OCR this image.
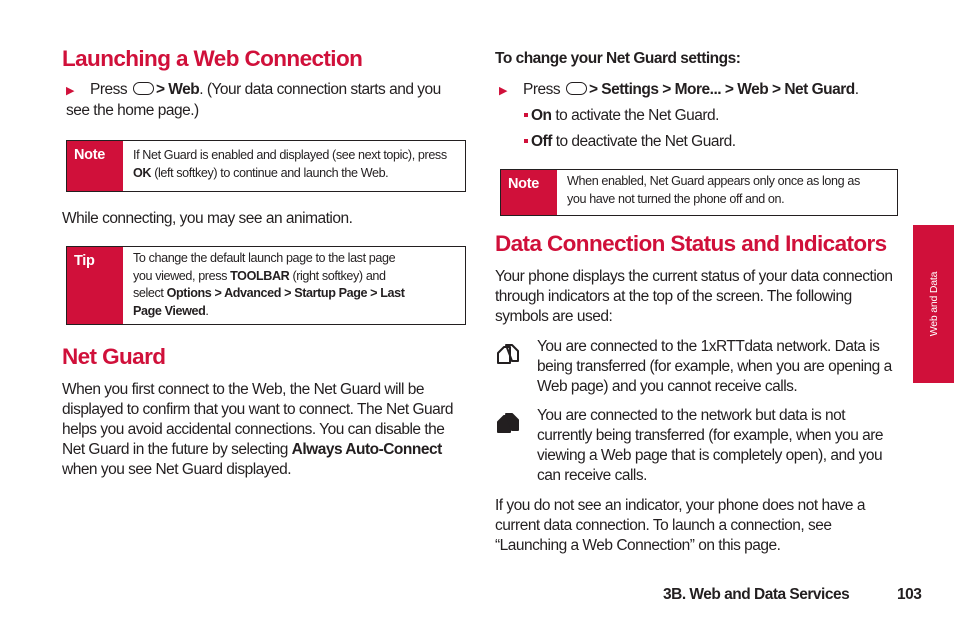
Launching a Web Connection
▶ Press > Web. (Your data connection starts and you see the home page.)
Note	If Net Guard is enabled and displayed (see next topic), press OK (left softkey) to continue and launch the Web.
While connecting, you may see an animation.
Tip	To change the default launch page to the last page you viewed, press TOOLBAR (right softkey) and select Options > Advanced > Startup Page > Last Page Viewed.
Net Guard
When you first connect to the Web, the Net Guard will be displayed to confirm that you want to connect. The Net Guard helps you avoid accidental connections. You can disable the Net Guard in the future by selecting Always Auto-Connect when you see Net Guard displayed.
To change your Net Guard settings:
▶ Press > Settings > More... > Web > Net Guard.
On to activate the Net Guard.
Off to deactivate the Net Guard.
Note	When enabled, Net Guard appears only once as long as you have not turned the phone off and on.
Data Connection Status and Indicators
Your phone displays the current status of your data connection through indicators at the top of the screen. The following symbols are used:
You are connected to the 1xRTTdata network. Data is being transferred (for example, when you are opening a Web page) and you cannot receive calls.
You are connected to the network but data is not currently being transferred (for example, when you are viewing a Web page that is completely open), and you can receive calls.
If you do not see an indicator, your phone does not have a current data connection. To launch a connection, see “Launching a Web Connection” on this page.
Web and Data
3B. Web and Data Services	103
